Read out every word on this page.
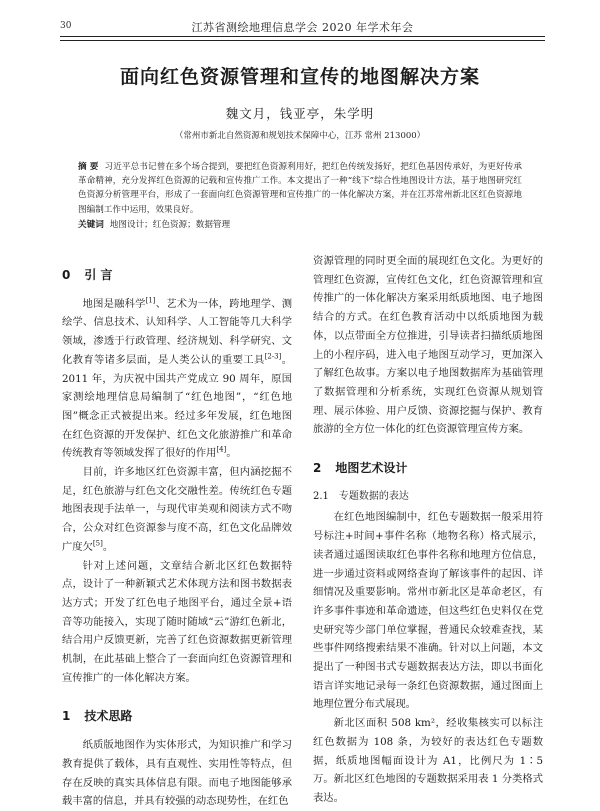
30	江苏省测绘地理信息学会 2020 年学术年会
面向红色资源管理和宣传的地图解决方案
魏文月，钱亚亭，朱学明
（常州市新北自然资源和规划技术保障中心，江苏 常州 213000）
摘 要 习近平总书记曾在多个场合提到，要把红色资源利用好，把红色传统发扬好，把红色基因传承好，为更好传承革命精神，充分发挥红色资源的记载和宣传推广工作。本文提出了一种“线下”综合性地图设计方法，基于地图研究红色资源分析管理平台，形成了一套面向红色资源管理和宣传推广的一体化解决方案，并在江苏常州新北区红色资源地图编制工作中运用，效果良好。
关键词 地图设计；红色资源；数据管理
0 引 言

地图是融科学[1]、艺术为一体，跨地理学、测绘学、信息技术、认知科学、人工智能等几大科学领域，渗透于行政管理、经济规划、科学研究、文化教育等诸多层面，是人类公认的重要工具[2-3]。2011 年，为庆祝中国共产党成立 90 周年，原国家测绘地理信息局编制了“红色地图”，“红色地图”概念正式被提出来。经过多年发展，红色地图在红色资源的开发保护、红色文化旅游推广和革命传统教育等领域发挥了很好的作用[4]。

目前，许多地区红色资源丰富，但内涵挖掘不足，红色旅游与红色文化交融性差。传统红色专题地图表现手法单一，与现代审美观和阅读方式不吻合，公众对红色资源参与度不高，红色文化品牌效广度欠[5]。

针对上述问题，文章结合新北区红色数据特点，设计了一种新颖式艺术体现方法和图书数据表达方式；开发了红色电子地图平台，通过全景+语音等功能接入，实现了随时随域“云”游红色新北，结合用户反馈更新，完善了红色资源数据更新管理机制，在此基础上整合了一套面向红色资源管理和宣传推广的一体化解决方案。

1 技术思路

纸质版地图作为实体形式，为知识推广和学习教育提供了载体，具有直观性、实用性等特点，但存在反映的真实具体信息有限。而电子地图能够承载丰富的信息，并具有较强的动态现势性，在红色

资源管理的同时更全面的展现红色文化。为更好的管理红色资源，宣传红色文化，红色资源管理和宣传推广的一体化解决方案采用纸质地图、电子地图结合的方式。在红色教育活动中以纸质地图为载体，以点带面全方位推进，引导读者扫描纸质地图上的小程序码，进入电子地图互动学习，更加深入了解红色故事。方案以电子地图数据库为基础管理了数据管理和分析系统，实现红色资源从规划管理、展示体验、用户反馈、资源挖掘与保护、教育旅游的全方位一体化的红色资源管理宣传方案。

2 地图艺术设计
2.1 专题数据的表达

在红色地图编制中，红色专题数据一般采用符号标注+时间+事件名称（地物名称）格式展示，读者通过遥图读取红色事件名称和地理方位信息，进一步通过资料或网络查询了解该事件的起因、详细情况及重要影响。常州市新北区是革命老区，有许多事件事迹和革命遗迹，但这些红色史料仅在党史研究等少部门单位掌握，普通民众较难查找，某些事件网络搜索结果不准确。针对以上问题，本文提出了一种图书式专题数据表达方法，即以书面化语言详实地记录每一条红色资源数据，通过图面上地理位置分布式展现。

新北区面积 508 km²，经收集核实可以标注红色数据为 108 条，为较好的表达红色专题数据，纸质地图幅面设计为 A1，比例尺为 1∶5 万。新北区红色地图的专题数据采用表 1 分类格式表达。
